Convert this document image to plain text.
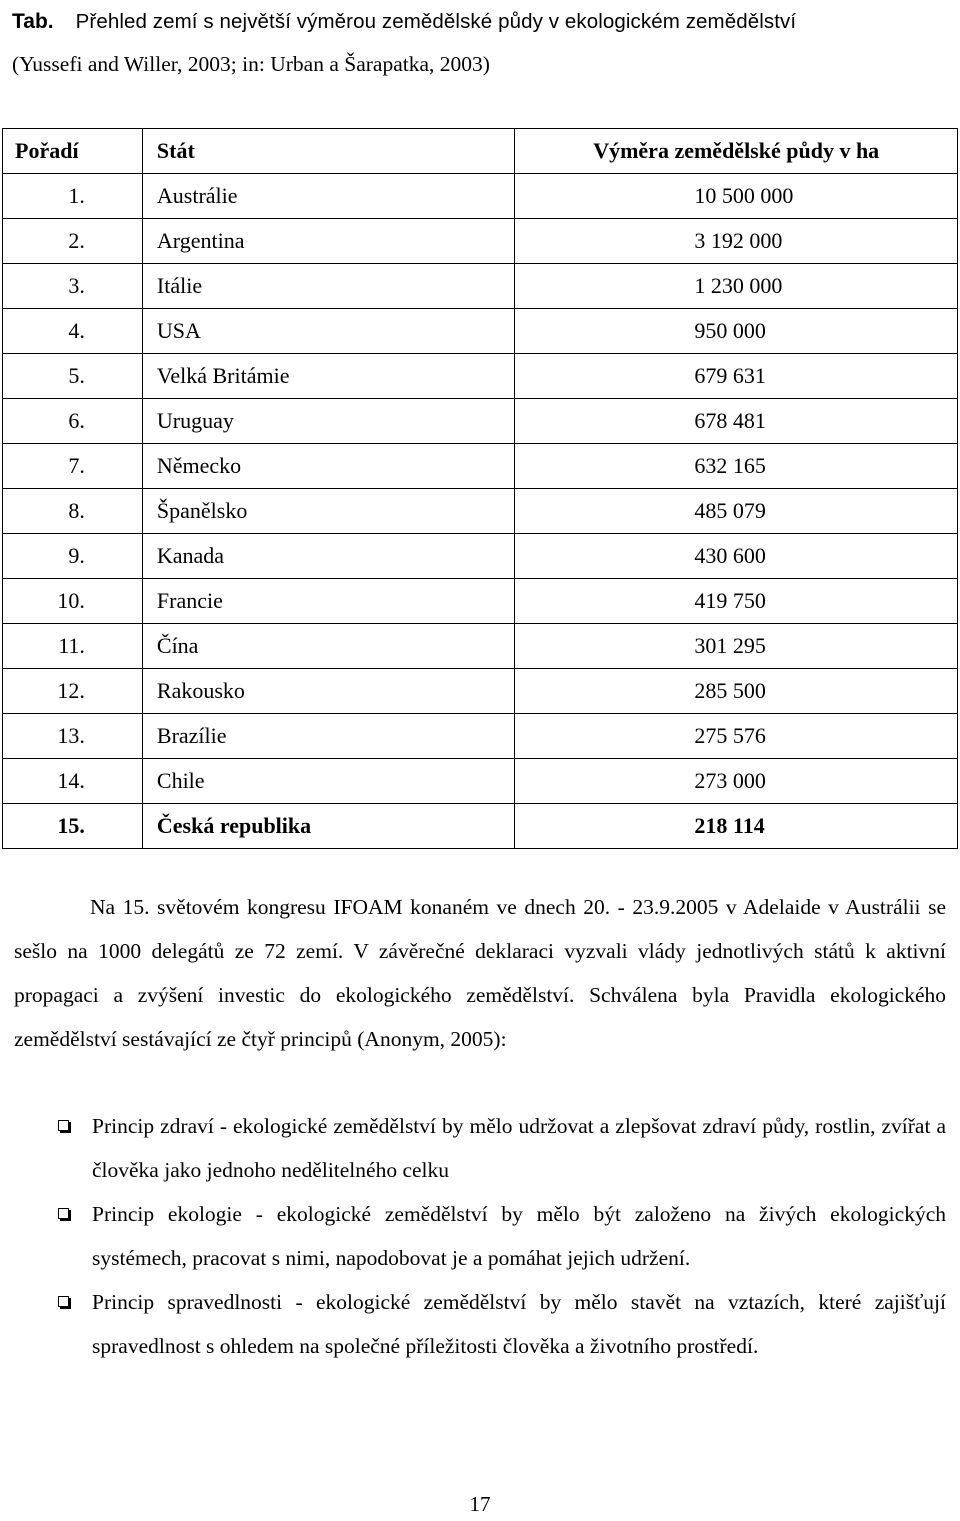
Tab. Přehled zemí s největší výměrou zemědělské půdy v ekologickém zemědělství
(Yussefi and Willer, 2003; in: Urban a Šarapatka, 2003)
Pořadí	Stát	Výměra zemědělské půdy v ha
1.	Austrálie	10 500 000
2.	Argentina	3 192 000
3.	Itálie	1 230 000
4.	USA	950 000
5.	Velká Britámie	679 631
6.	Uruguay	678 481
7.	Německo	632 165
8.	Španělsko	485 079
9.	Kanada	430 600
10.	Francie	419 750
11.	Čína	301 295
12.	Rakousko	285 500
13.	Brazílie	275 576
14.	Chile	273 000
15.	Česká republika	218 114

Na 15. světovém kongresu IFOAM konaném ve dnech 20. - 23.9.2005 v Adelaide v Austrálii se sešlo na 1000 delegátů ze 72 zemí. V závěrečné deklaraci vyzvali vlády jednotlivých států k aktivní propagaci a zvýšení investic do ekologického zemědělství. Schválena byla Pravidla ekologického zemědělství sestávající ze čtyř principů (Anonym, 2005):

Princip zdraví - ekologické zemědělství by mělo udržovat a zlepšovat zdraví půdy, rostlin, zvířat a člověka jako jednoho nedělitelného celku
Princip ekologie - ekologické zemědělství by mělo být založeno na živých ekologických systémech, pracovat s nimi, napodobovat je a pomáhat jejich udržení.
Princip spravedlnosti - ekologické zemědělství by mělo stavět na vztazích, které zajišťují spravedlnost s ohledem na společné příležitosti člověka a životního prostředí.
17
